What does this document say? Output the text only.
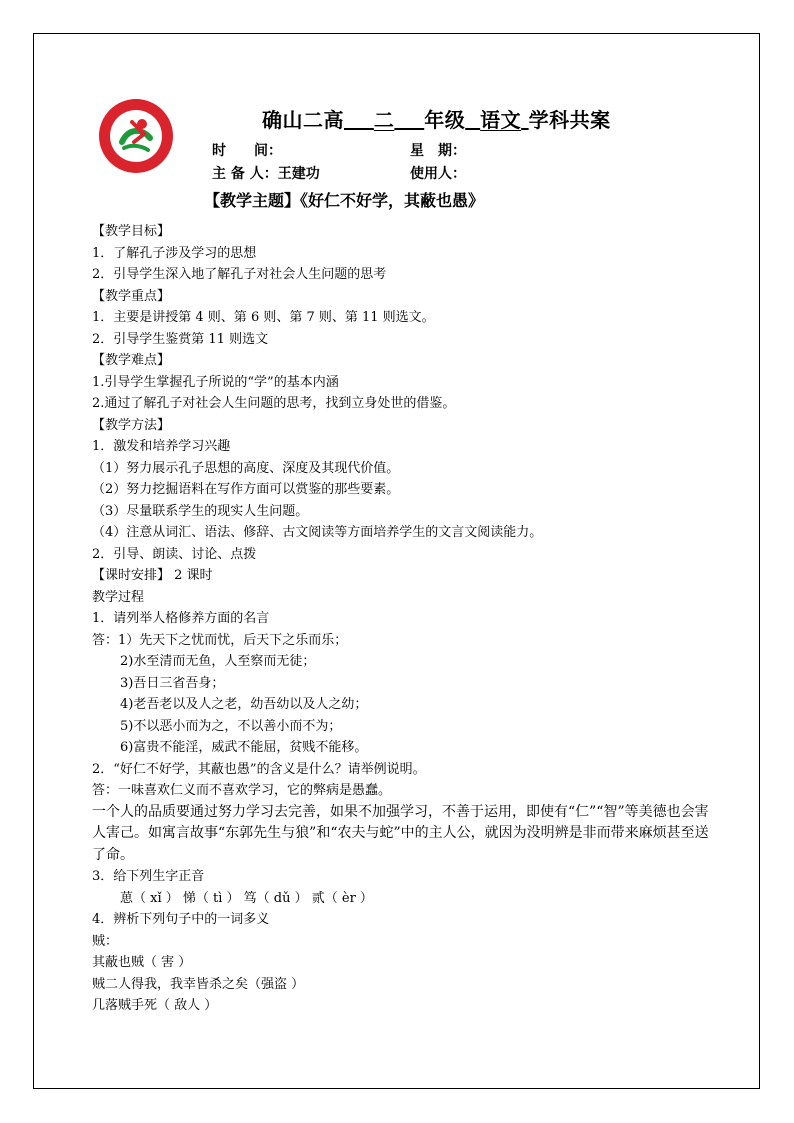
确山二高 二 年级 语文 学科共案
时　　间：	星　期：
主 备 人：王建功	使用人：
【教学主题】《好仁不好学，其蔽也愚》
【教学目标】
1．了解孔子涉及学习的思想
2．引导学生深入地了解孔子对社会人生问题的思考
【教学重点】
1．主要是讲授第 4 则、第 6 则、第 7 则、第 11 则选文。
2．引导学生鉴赏第 11 则选文
【教学难点】
1.引导学生掌握孔子所说的“学”的基本内涵
2.通过了解孔子对社会人生问题的思考，找到立身处世的借鉴。
【教学方法】
1．激发和培养学习兴趣
（1）努力展示孔子思想的高度、深度及其现代价值。
（2）努力挖掘语料在写作方面可以赏鉴的那些要素。
（3）尽量联系学生的现实人生问题。
（4）注意从词汇、语法、修辞、古文阅读等方面培养学生的文言文阅读能力。
2．引导、朗读、讨论、点拨
【课时安排】 2 课时
教学过程
1．请列举人格修养方面的名言
答：1）先天下之忧而忧，后天下之乐而乐；
2)水至清而无鱼，人至察而无徒；
3)吾日三省吾身；
4)老吾老以及人之老，幼吾幼以及人之幼；
5)不以恶小而为之，不以善小而不为；
6)富贵不能淫，威武不能屈，贫贱不能移。
2．“好仁不好学，其蔽也愚”的含义是什么？请举例说明。
答：一味喜欢仁义而不喜欢学习，它的弊病是愚蠢。
一个人的品质要通过努力学习去完善，如果不加强学习，不善于运用，即使有“仁”“智”等美德也会害人害己。如寓言故事“东郭先生与狼”和“农夫与蛇”中的主人公，就因为没明辨是非而带来麻烦甚至送了命。
3．给下列生字正音
葸（ xǐ ） 悌（ tì ） 笃（ dǔ ） 贰（ èr ）
4．辨析下列句子中的一词多义
贼：
其蔽也贼（ 害 ）
贼二人得我，我幸皆杀之矣（强盗 ）
几落贼手死（ 敌人 ）
